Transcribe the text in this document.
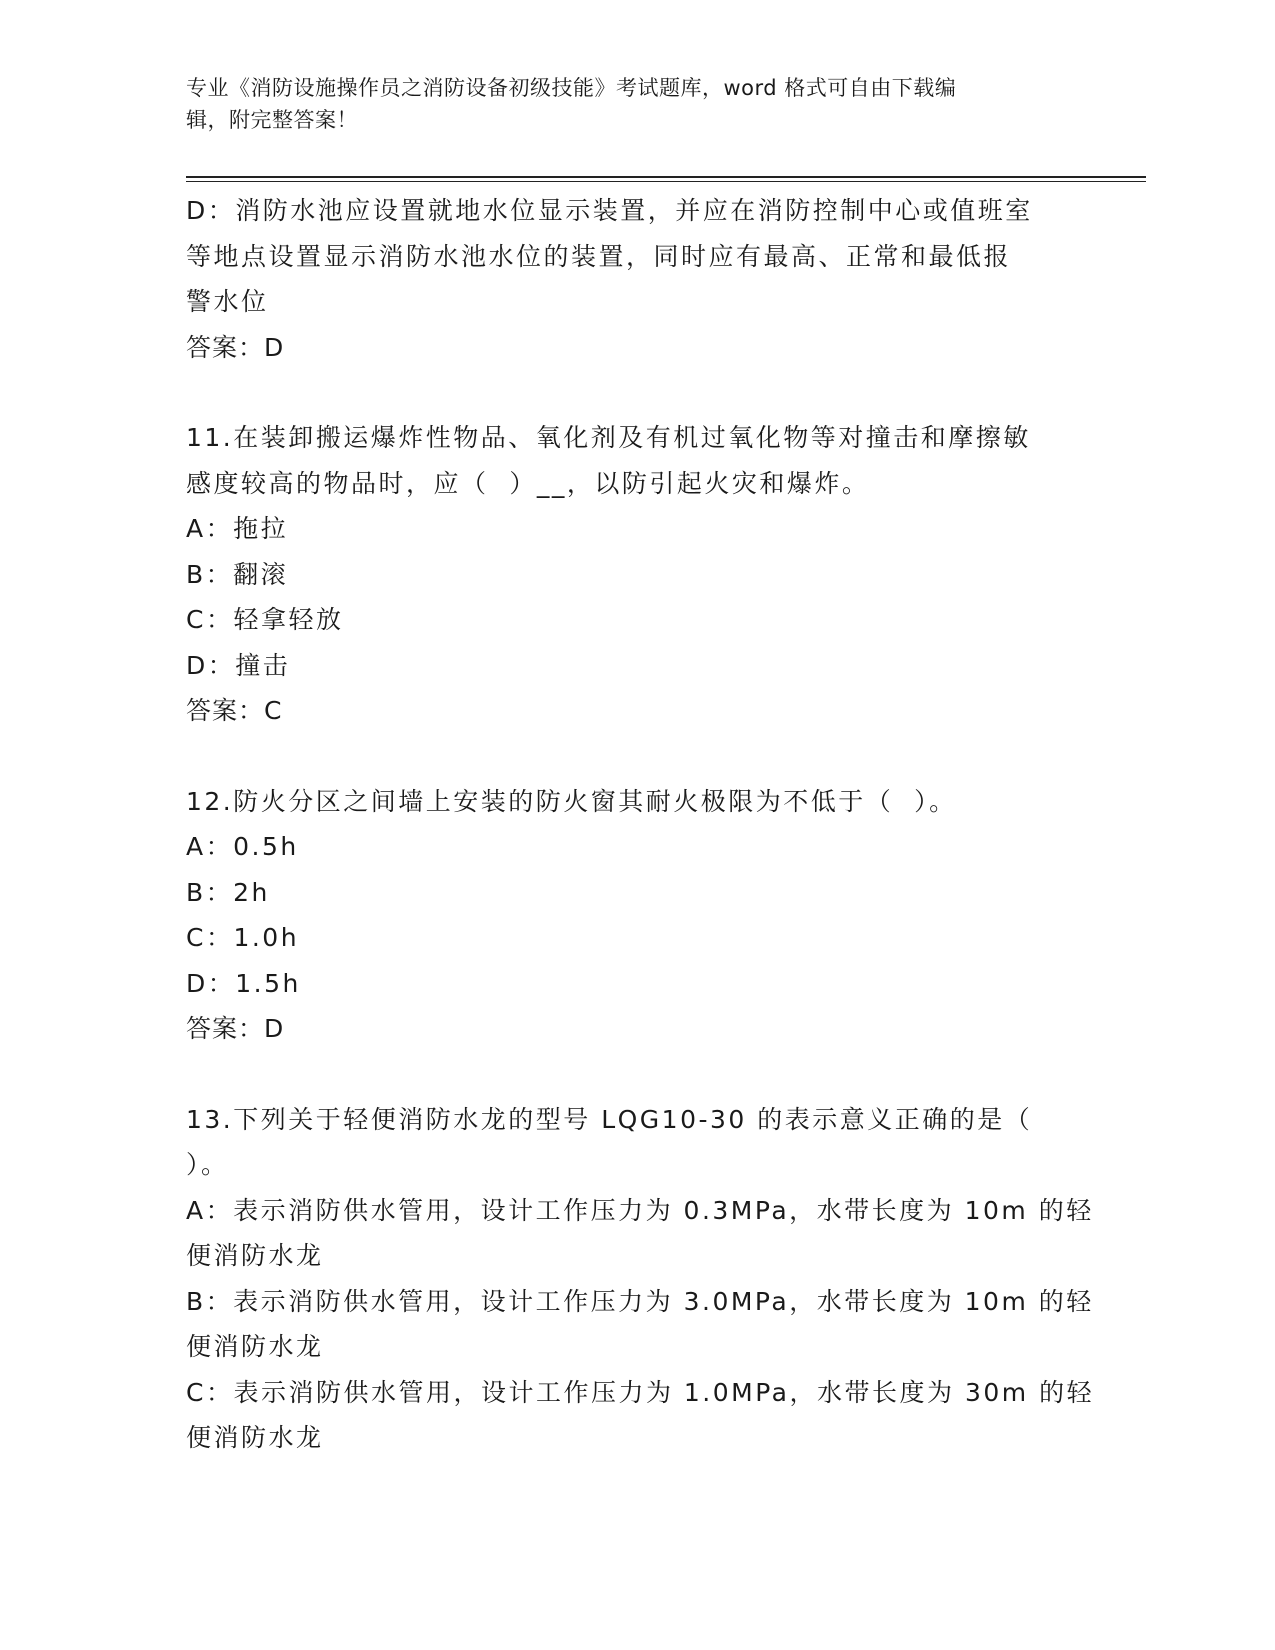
专业《消防设施操作员之消防设备初级技能》考试题库，word 格式可自由下载编
辑，附完整答案！
D：消防水池应设置就地水位显示装置，并应在消防控制中心或值班室
等地点设置显示消防水池水位的装置，同时应有最高、正常和最低报
警水位
答案：D
11.在装卸搬运爆炸性物品、氧化剂及有机过氧化物等对撞击和摩擦敏
感度较高的物品时，应（  ）__，以防引起火灾和爆炸。
A：拖拉
B：翻滚
C：轻拿轻放
D：撞击
答案：C
12.防火分区之间墙上安装的防火窗其耐火极限为不低于（  ）。
A：0.5h
B：2h
C：1.0h
D：1.5h
答案：D
13.下列关于轻便消防水龙的型号 LQG10-30 的表示意义正确的是（
）。
A：表示消防供水管用，设计工作压力为 0.3MPa，水带长度为 10m 的轻
便消防水龙
B：表示消防供水管用，设计工作压力为 3.0MPa，水带长度为 10m 的轻
便消防水龙
C：表示消防供水管用，设计工作压力为 1.0MPa，水带长度为 30m 的轻
便消防水龙
